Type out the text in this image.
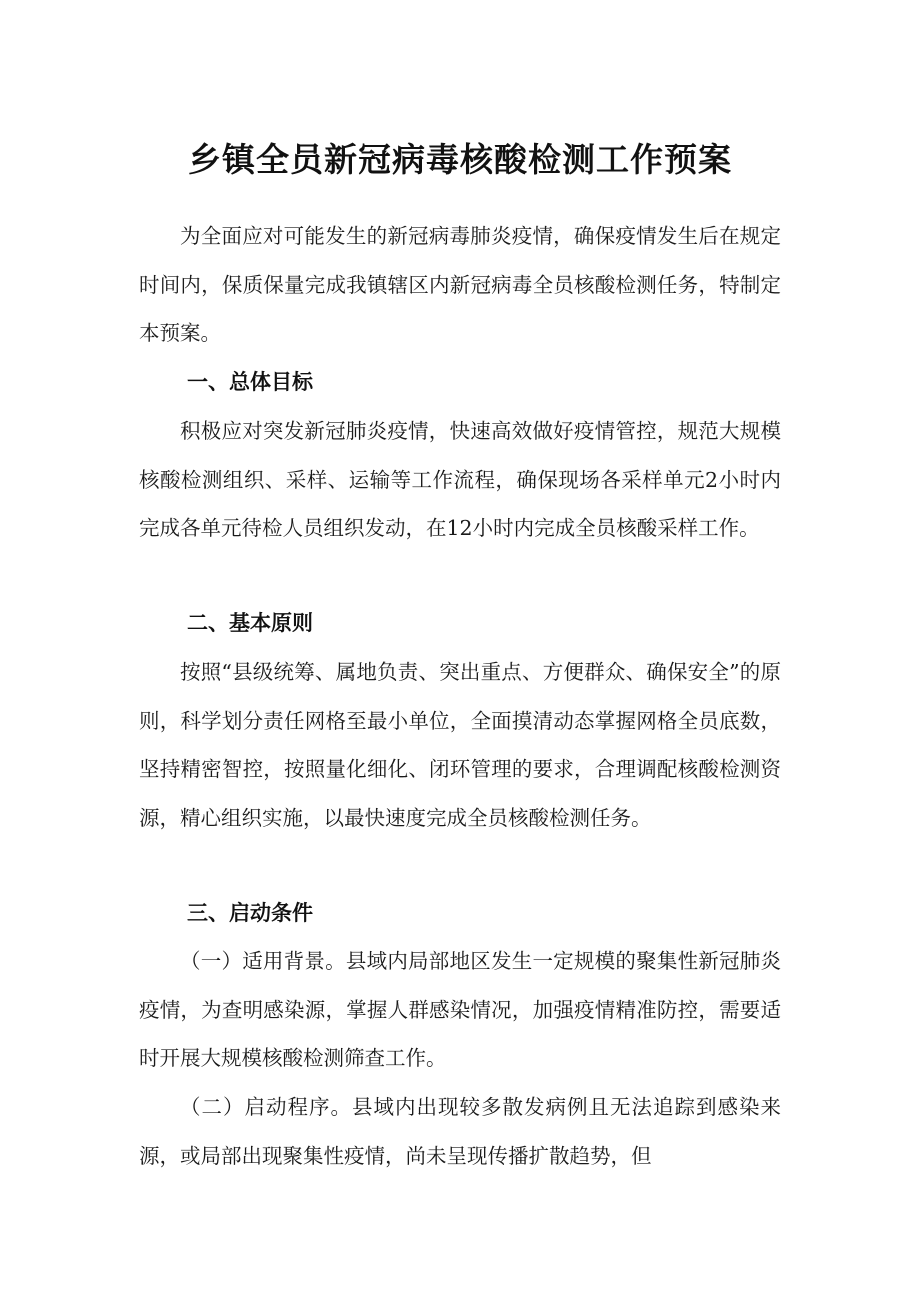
乡镇全员新冠病毒核酸检测工作预案

为全面应对可能发生的新冠病毒肺炎疫情，确保疫情发生后在规定时间内，保质保量完成我镇辖区内新冠病毒全员核酸检测任务，特制定本预案。

一、总体目标

积极应对突发新冠肺炎疫情，快速高效做好疫情管控，规范大规模核酸检测组织、采样、运输等工作流程，确保现场各采样单元2小时内完成各单元待检人员组织发动，在12小时内完成全员核酸采样工作。

二、基本原则

按照“县级统筹、属地负责、突出重点、方便群众、确保安全”的原则，科学划分责任网格至最小单位，全面摸清动态掌握网格全员底数，坚持精密智控，按照量化细化、闭环管理的要求，合理调配核酸检测资源，精心组织实施，以最快速度完成全员核酸检测任务。

三、启动条件

（一）适用背景。县域内局部地区发生一定规模的聚集性新冠肺炎疫情，为查明感染源，掌握人群感染情况，加强疫情精准防控，需要适时开展大规模核酸检测筛查工作。

（二）启动程序。县域内出现较多散发病例且无法追踪到感染来源，或局部出现聚集性疫情，尚未呈现传播扩散趋势，但
